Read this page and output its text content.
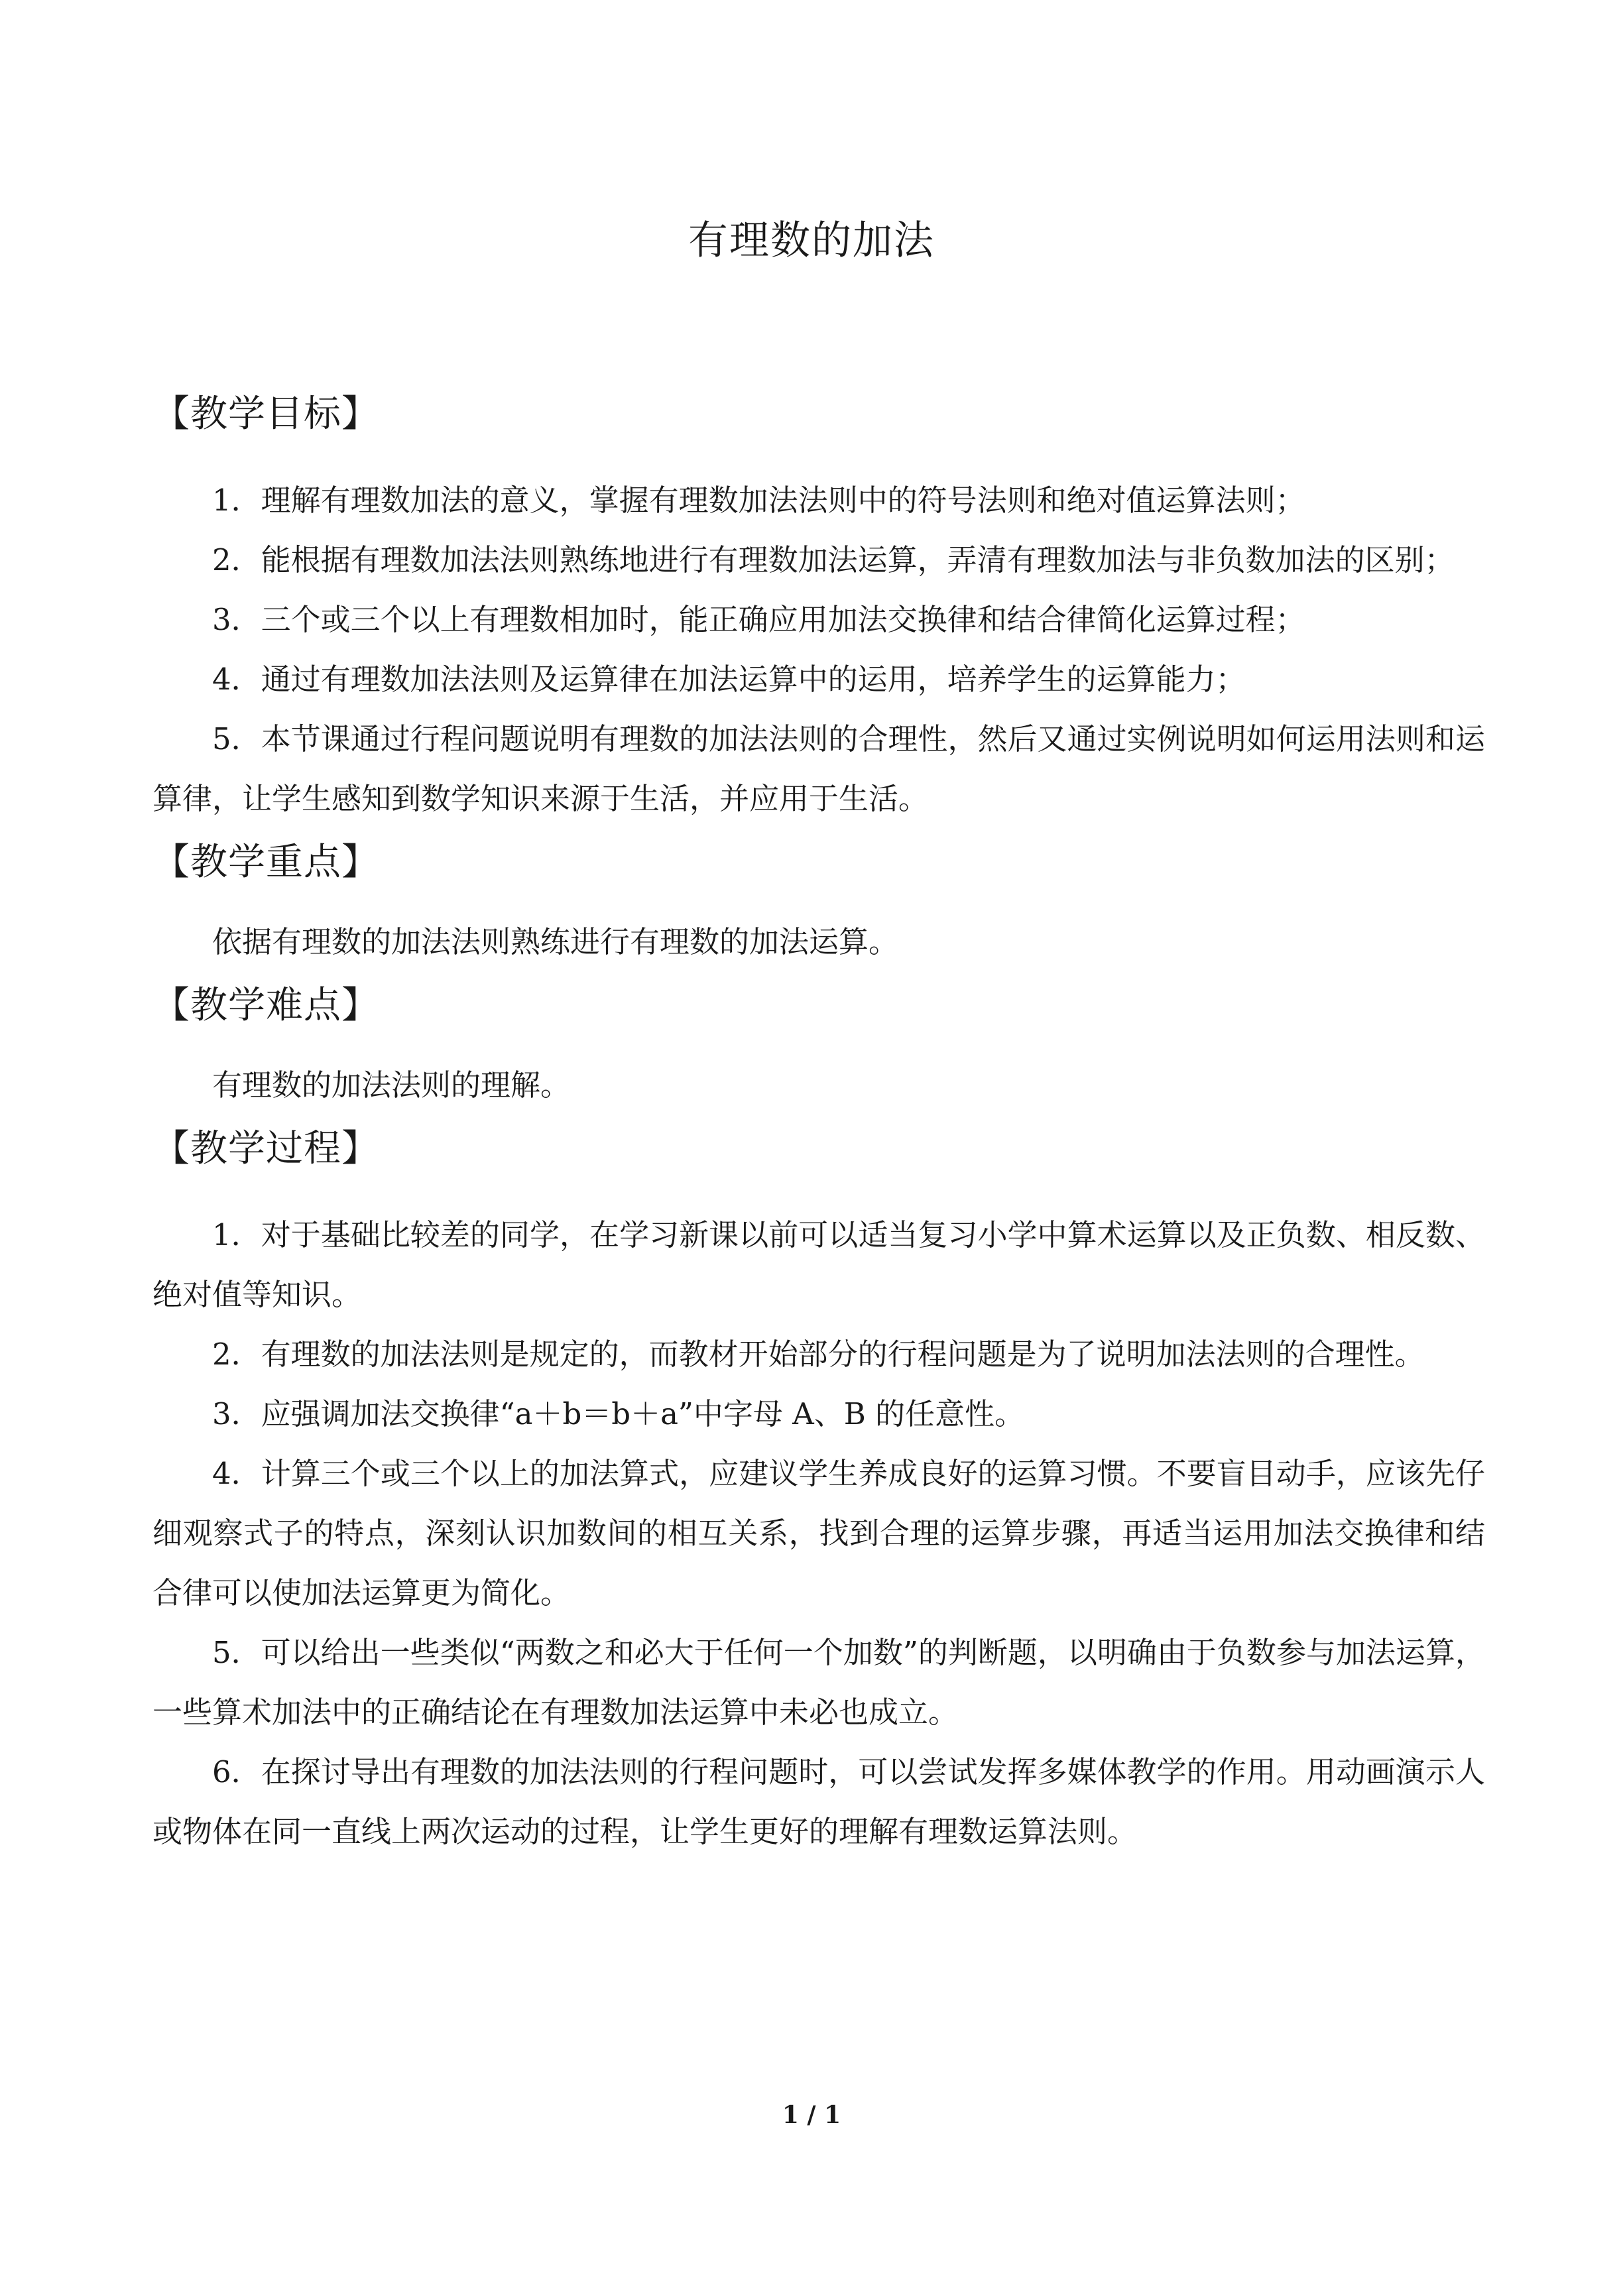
有理数的加法
【教学目标】

1．理解有理数加法的意义，掌握有理数加法法则中的符号法则和绝对值运算法则；

2．能根据有理数加法法则熟练地进行有理数加法运算，弄清有理数加法与非负数加法的区别；

3．三个或三个以上有理数相加时，能正确应用加法交换律和结合律简化运算过程；

4．通过有理数加法法则及运算律在加法运算中的运用，培养学生的运算能力；

5．本节课通过行程问题说明有理数的加法法则的合理性，然后又通过实例说明如何运用法则和运算律，让学生感知到数学知识来源于生活，并应用于生活。

【教学重点】

依据有理数的加法法则熟练进行有理数的加法运算。

【教学难点】

有理数的加法法则的理解。

【教学过程】

1．对于基础比较差的同学，在学习新课以前可以适当复习小学中算术运算以及正负数、相反数、绝对值等知识。

2．有理数的加法法则是规定的，而教材开始部分的行程问题是为了说明加法法则的合理性。

3．应强调加法交换律“a＋b＝b＋a”中字母 A、B 的任意性。

4．计算三个或三个以上的加法算式，应建议学生养成良好的运算习惯。不要盲目动手，应该先仔细观察式子的特点，深刻认识加数间的相互关系，找到合理的运算步骤，再适当运用加法交换律和结合律可以使加法运算更为简化。

5．可以给出一些类似“两数之和必大于任何一个加数”的判断题，以明确由于负数参与加法运算，一些算术加法中的正确结论在有理数加法运算中未必也成立。

6．在探讨导出有理数的加法法则的行程问题时，可以尝试发挥多媒体教学的作用。用动画演示人或物体在同一直线上两次运动的过程，让学生更好的理解有理数运算法则。

1 / 1
